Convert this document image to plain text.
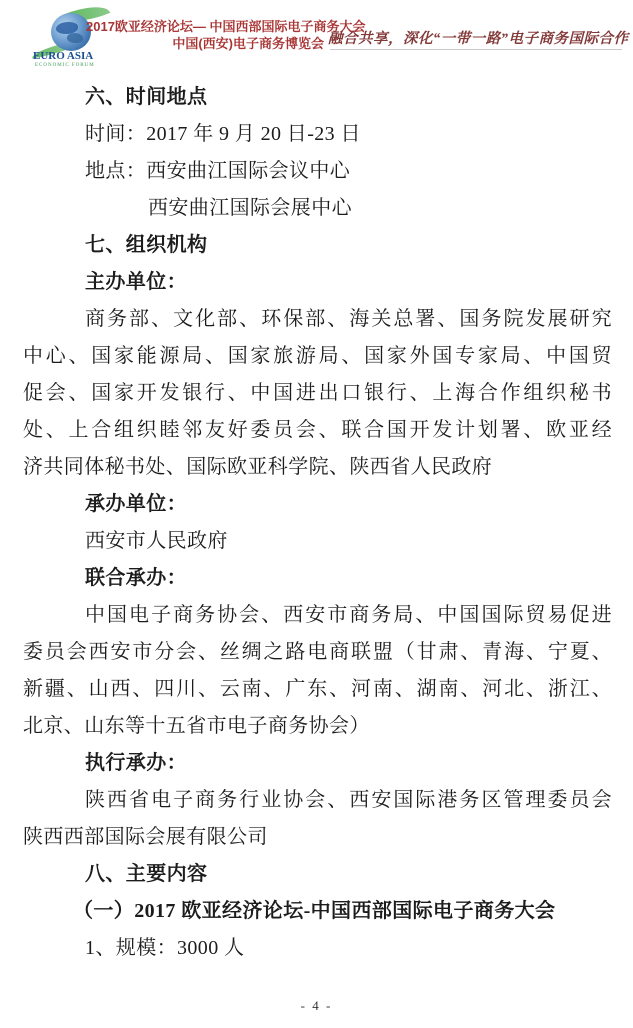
EURO ASIA
ECONOMIC FORUM
2017欧亚经济论坛— 中国西部国际电子商务大会
中国(西安)电子商务博览会 融合共享，深化“一带一路”电子商务国际合作
六、时间地点
时间：2017 年 9 月 20 日-23 日
地点：西安曲江国际会议中心
西安曲江国际会展中心
七、组织机构
主办单位：
商务部、文化部、环保部、海关总署、国务院发展研究
中心、国家能源局、国家旅游局、国家外国专家局、中国贸
促会、国家开发银行、中国进出口银行、上海合作组织秘书
处、上合组织睦邻友好委员会、联合国开发计划署、欧亚经
济共同体秘书处、国际欧亚科学院、陕西省人民政府
承办单位：
西安市人民政府
联合承办：
中国电子商务协会、西安市商务局、中国国际贸易促进
委员会西安市分会、丝绸之路电商联盟（甘肃、青海、宁夏、
新疆、山西、四川、云南、广东、河南、湖南、河北、浙江、
北京、山东等十五省市电子商务协会）
执行承办：
陕西省电子商务行业协会、西安国际港务区管理委员会
陕西西部国际会展有限公司
八、主要内容
（一）2017 欧亚经济论坛-中国西部国际电子商务大会
1、规模：3000 人
- 4 -
